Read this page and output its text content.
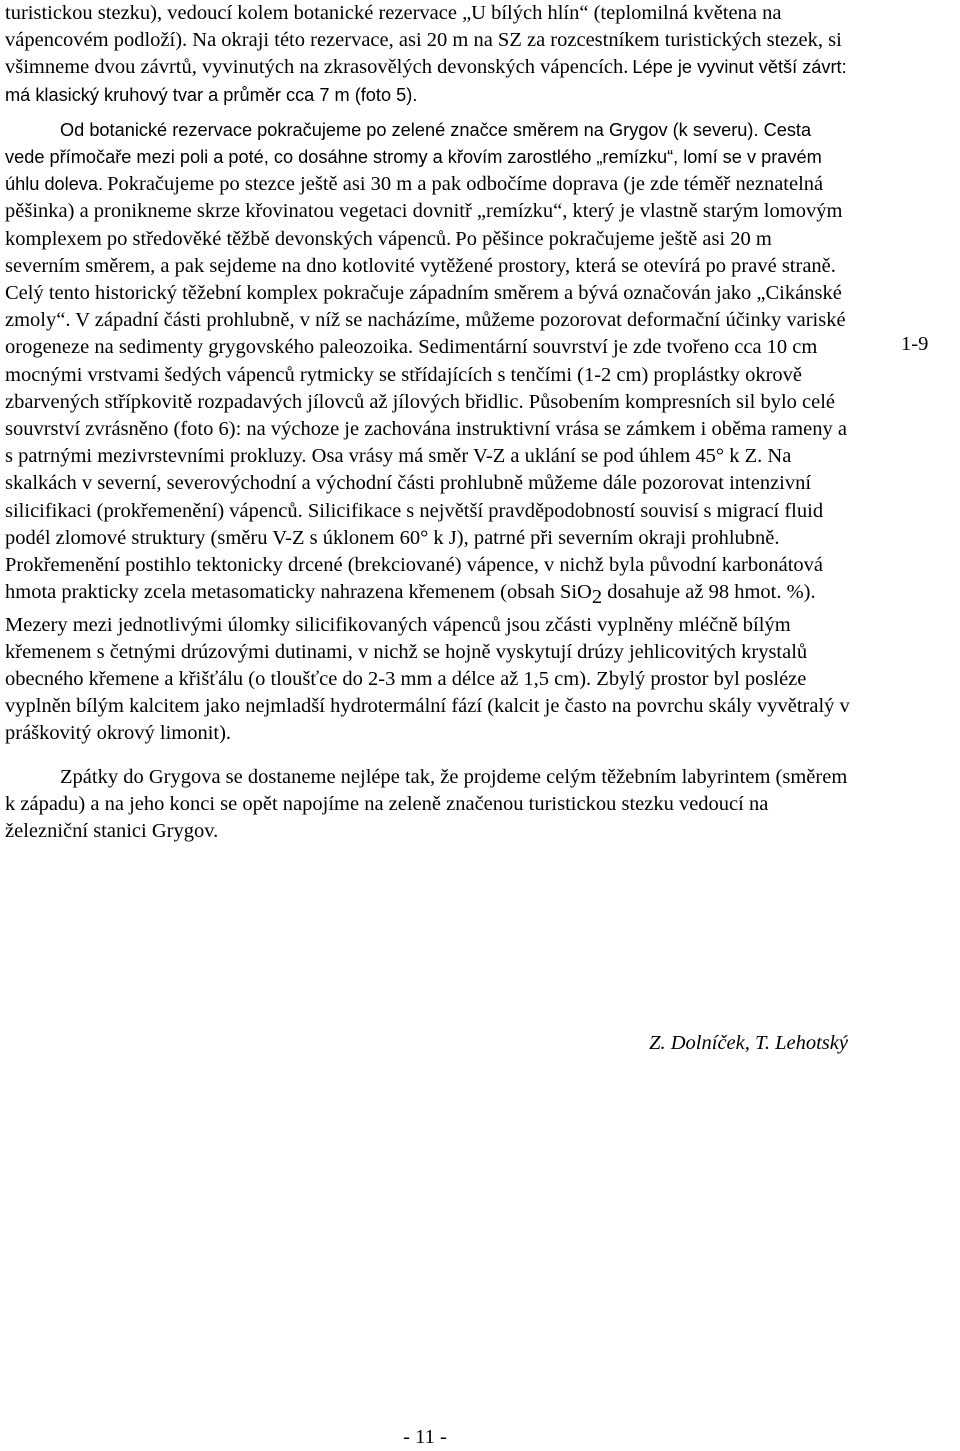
turistickou stezku), vedoucí kolem botanické rezervace „U bílých hlín“ (teplomilná květena na vápencovém podloží). Na okraji této rezervace, asi 20 m na SZ za rozcestníkem turistických stezek, si všimneme dvou závrtů, vyvinutých na zkrasovělých devonských vápencích. Lépe je vyvinut větší závrt: má klasický kruhový tvar a průměr cca 7 m (foto 5).

Od botanické rezervace pokračujeme po zelené značce směrem na Grygov (k severu). Cesta vede přímočaře mezi poli a poté, co dosáhne stromy a křovím zarostlého „remízku“, lomí se v pravém úhlu doleva. Pokračujeme po stezce ještě asi 30 m a pak odbočíme doprava (je zde téměř neznatelná pěšinka) a pronikneme skrze křovinatou vegetaci dovnitř „remízku“, který je vlastně starým lomovým komplexem po středověké těžbě devonských vápenců. Po pěšince pokračujeme ještě asi 20 m severním směrem, a pak sejdeme na dno kotlovité vytěžené prostory, která se otevírá po pravé straně. Celý tento historický těžební komplex pokračuje západním směrem a bývá označován jako „Cikánské zmoly“. V západní části prohlubně, v níž se nacházíme, můžeme pozorovat deformační účinky variské orogeneze na sedimenty grygovského paleozoika. Sedimentární souvrství je zde tvořeno cca 10 cm mocnými vrstvami šedých vápenců rytmicky se střídajících s tenčími (1-2 cm) proplástky okrově zbarvených střípkovitě rozpadavých jílovců až jílových břidlic. Působením kompresních sil bylo celé souvrství zvrásněno (foto 6): na výchoze je zachována instruktivní vrása se zámkem i oběma rameny a s patrnými mezivrstevními prokluzy. Osa vrásy má směr V-Z a uklání se pod úhlem 45° k Z. Na skalkách v severní, severovýchodní a východní části prohlubně můžeme dále pozorovat intenzivní silicifikaci (prokřemenění) vápenců. Silicifikace s největší pravděpodobností souvisí s migrací fluid podél zlomové struktury (směru V-Z s úklonem 60° k J), patrné při severním okraji prohlubně. Prokřemenění postihlo tektonicky drcené (brekciované) vápence, v nichž byla původní karbonátová hmota prakticky zcela metasomaticky nahrazena křemenem (obsah SiO$_2$ dosahuje až 98 hmot. %). Mezery mezi jednotlivými úlomky silicifikovaných vápenců jsou zčásti vyplněny mléčně bílým křemenem s četnými drúzovými dutinami, v nichž se hojně vyskytují drúzy jehlicovitých krystalů obecného křemene a křišťálu (o tloušťce do 2-3 mm a délce až 1,5 cm). Zbylý prostor byl posléze vyplněn bílým kalcitem jako nejmladší hydrotermální fází (kalcit je často na povrchu skály vyvětralý v práškovitý okrový limonit).

Zpátky do Grygova se dostaneme nejlépe tak, že projdeme celým těžebním labyrintem (směrem k západu) a na jeho konci se opět napojíme na zeleně značenou turistickou stezku vedoucí na železniční stanici Grygov.

1-9
Z. Dolníček, T. Lehotský
- 11 -
